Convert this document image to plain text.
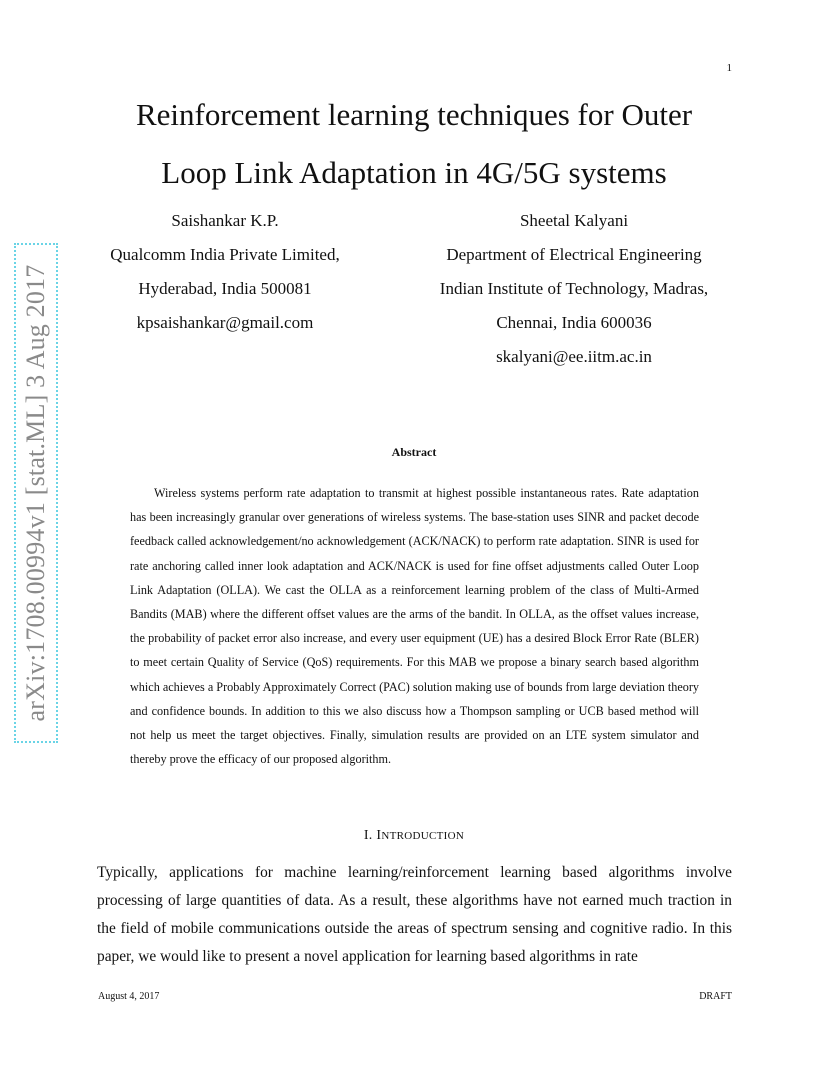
1
arXiv:1708.00994v1 [stat.ML] 3 Aug 2017
Reinforcement learning techniques for Outer
Loop Link Adaptation in 4G/5G systems
Saishankar K.P.
Qualcomm India Private Limited,
Hyderabad, India 500081
kpsaishankar@gmail.com
Sheetal Kalyani
Department of Electrical Engineering
Indian Institute of Technology, Madras,
Chennai, India 600036
skalyani@ee.iitm.ac.in
Abstract

Wireless systems perform rate adaptation to transmit at highest possible instantaneous rates. Rate adaptation has been increasingly granular over generations of wireless systems. The base-station uses SINR and packet decode feedback called acknowledgement/no acknowledgement (ACK/NACK) to perform rate adaptation. SINR is used for rate anchoring called inner look adaptation and ACK/NACK is used for fine offset adjustments called Outer Loop Link Adaptation (OLLA). We cast the OLLA as a reinforcement learning problem of the class of Multi-Armed Bandits (MAB) where the different offset values are the arms of the bandit. In OLLA, as the offset values increase, the probability of packet error also increase, and every user equipment (UE) has a desired Block Error Rate (BLER) to meet certain Quality of Service (QoS) requirements. For this MAB we propose a binary search based algorithm which achieves a Probably Approximately Correct (PAC) solution making use of bounds from large deviation theory and confidence bounds. In addition to this we also discuss how a Thompson sampling or UCB based method will not help us meet the target objectives. Finally, simulation results are provided on an LTE system simulator and thereby prove the efficacy of our proposed algorithm.

I. INTRODUCTION

Typically, applications for machine learning/reinforcement learning based algorithms involve processing of large quantities of data. As a result, these algorithms have not earned much traction in the field of mobile communications outside the areas of spectrum sensing and cognitive radio. In this paper, we would like to present a novel application for learning based algorithms in rate

August 4, 2017	DRAFT
